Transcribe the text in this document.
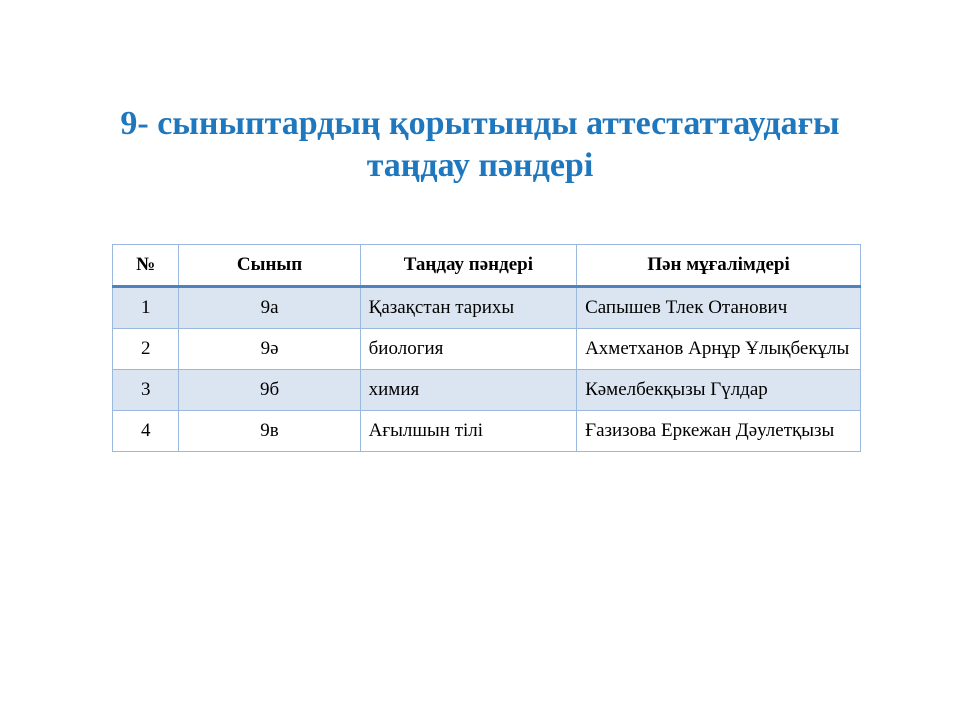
9- сыныптардың қорытынды аттестаттаудағы
таңдау пәндері
№	Сынып	Таңдау пәндері	Пән мұғалімдері
1	9а	Қазақстан тарихы	Сапышев Тлек Отанович
2	9ә	биология	Ахметханов Арнұр Ұлықбекұлы
3	9б	химия	Кәмелбекқызы Гүлдар
4	9в	Ағылшын тілі	Ғазизова Еркежан Дәулетқызы
